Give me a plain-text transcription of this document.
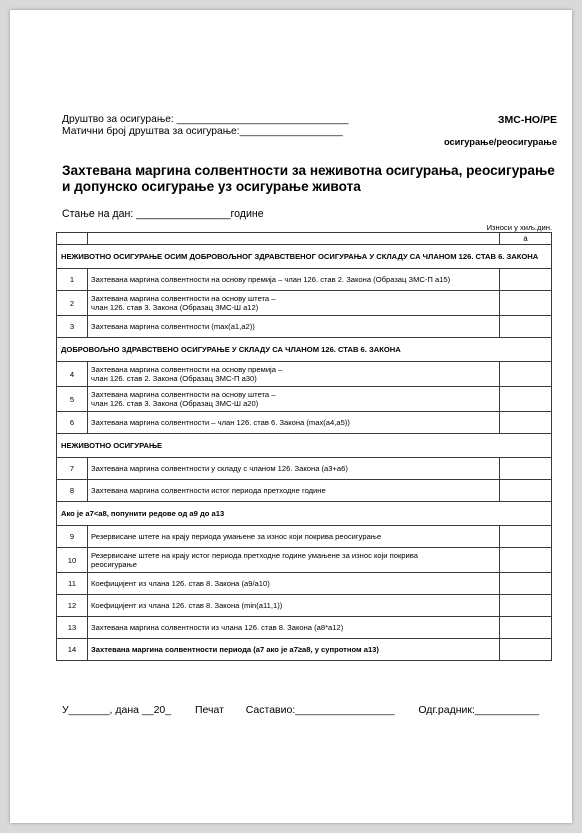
Друштво за осигурање: ______________________________
Матични број друштва за осигурање:__________________
ЗМС-НО/РЕ
осигурање/реосигурање
Захтевана маргина солвентности за неживотна осигурања, реосигурање и допунско осигурање уз осигурање живота
Стање на дан: ________________године
Износи у хиљ.дин.
		а
НЕЖИВОТНО ОСИГУРАЊЕ ОСИМ ДОБРОВОЉНОГ ЗДРАВСТВЕНОГ ОСИГУРАЊА У СКЛАДУ СА ЧЛАНОМ 126. СТАВ 6. ЗАКОНА		
1	Захтевана маргина солвентности на основу премија – члан 126. став 2. Закона (Образац ЗМС-П а15)	
2	Захтевана маргина солвентности на основу штета –
члан 126. став 3. Закона (Образац ЗМС-Ш а12)	
3	Захтевана маргина солвентности (max(а1,а2))	
ДОБРОВОЉНО ЗДРАВСТВЕНО ОСИГУРАЊЕ У СКЛАДУ СА ЧЛАНОМ 126. СТАВ 6. ЗАКОНА		
4	Захтевана маргина солвентности на основу премија –
члан 126. став 2. Закона (Образац ЗМС-П а30)	
5	Захтевана маргина солвентности на основу штета –
члан 126. став 3. Закона (Образац ЗМС-Ш а20)	
6	Захтевана маргина солвентности – члан 126. став 6. Закона (max(а4,а5))	
НЕЖИВОТНО ОСИГУРАЊЕ		
7	Захтевана маргина солвентности у складу с чланом 126. Закона (а3+а6)	
8	Захтевана маргина солвентности истог периода претходне године	
Ако је а7<а8, попунити редове од а9 до а13		
9	Резервисане штете на крају периода умањене за износ који покрива реосигурање	
10	Резервисане штете на крају истог периода претходне године умањене за износ који покрива
реосигурање	
11	Коефицијент из члана 126. став 8. Закона (а9/а10)	
12	Коефицијент из члана 126. став 8. Закона (min(а11,1))	
13	Захтевана маргина солвентности из члана 126. став 8. Закона (а8*а12)	
14	Захтевана маргина солвентности периода (а7 ако је а7≥а8, у супротном а13)	
У_______, дана __20_ Печат Саставио:_________________ Одг.радник:___________
